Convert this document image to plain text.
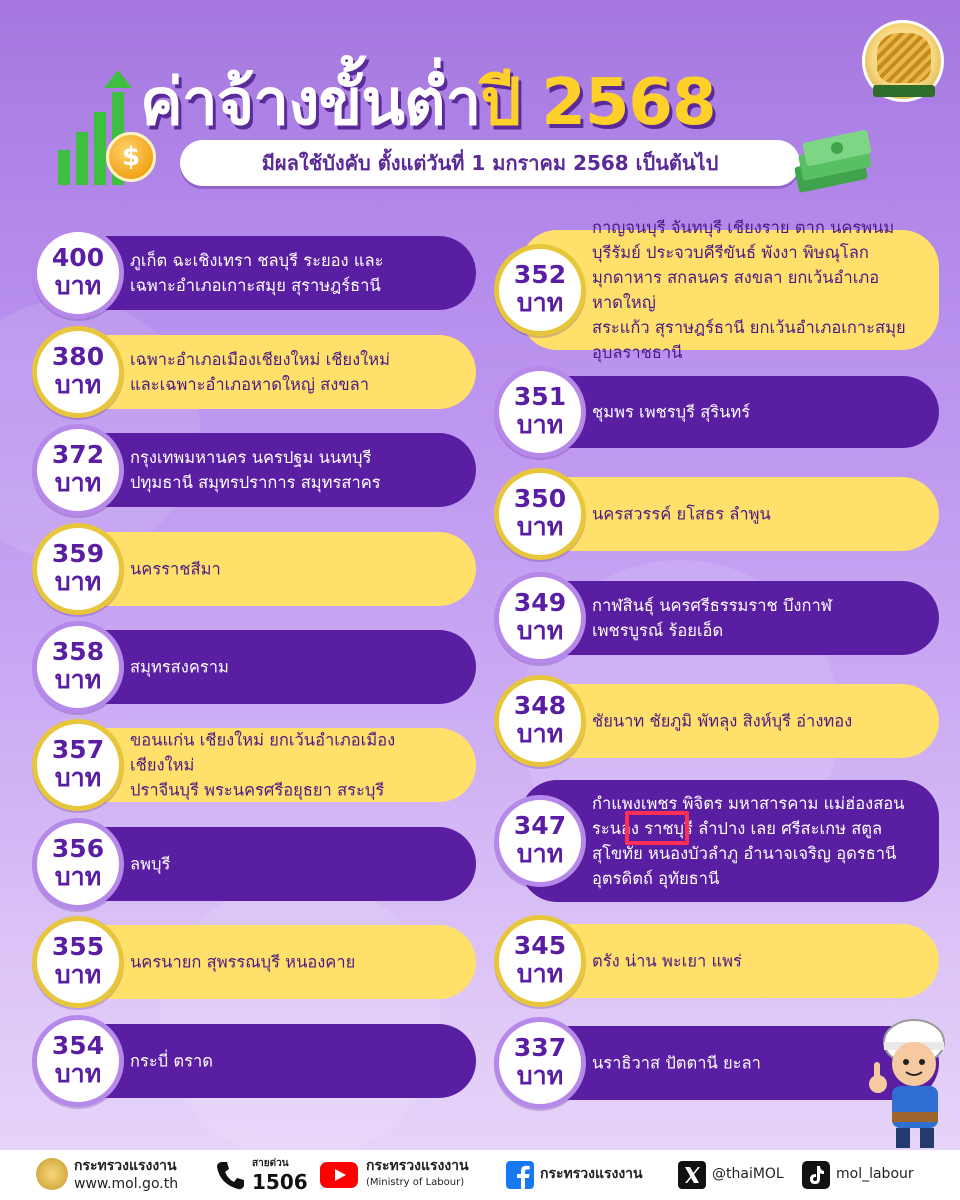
$
ค่าจ้างขั้นต่ำปี 2568
มีผลใช้บังคับ ตั้งแต่วันที่ 1 มกราคม 2568 เป็นต้นไป
400
บาท
ภูเก็ต ฉะเชิงเทรา ชลบุรี ระยอง และ
เฉพาะอำเภอเกาะสมุย สุราษฎร์ธานี
380
บาท
เฉพาะอำเภอเมืองเชียงใหม่ เชียงใหม่
และเฉพาะอำเภอหาดใหญ่ สงขลา
372
บาท
กรุงเทพมหานคร นครปฐม นนทบุรี
ปทุมธานี สมุทรปราการ สมุทรสาคร
359
บาท	นครราชสีมา
358
บาท	สมุทรสงคราม
357
บาท
ขอนแก่น เชียงใหม่ ยกเว้นอำเภอเมืองเชียงใหม่
ปราจีนบุรี พระนครศรีอยุธยา สระบุรี
356
บาท	ลพบุรี
355
บาท	นครนายก สุพรรณบุรี หนองคาย
354
บาท	กระบี่ ตราด
352
บาท
กาญจนบุรี จันทบุรี เชียงราย ตาก นครพนม
บุรีรัมย์ ประจวบคีรีขันธ์ พังงา พิษณุโลก
มุกดาหาร สกลนคร สงขลา ยกเว้นอำเภอหาดใหญ่
สระแก้ว สุราษฎร์ธานี ยกเว้นอำเภอเกาะสมุย
อุบลราชธานี
351
บาท	ชุมพร เพชรบุรี สุรินทร์
350
บาท	นครสวรรค์ ยโสธร ลำพูน
349
บาท
กาฬสินธุ์ นครศรีธรรมราช บึงกาฬ
เพชรบูรณ์ ร้อยเอ็ด
348
บาท	ชัยนาท ชัยภูมิ พัทลุง สิงห์บุรี อ่างทอง
347
บาท
กำแพงเพชร พิจิตร มหาสารคาม แม่ฮ่องสอน
ระนอง ราชบุรี ลำปาง เลย ศรีสะเกษ สตูล
สุโขทัย หนองบัวลำภู อำนาจเจริญ อุดรธานี
อุตรดิตถ์ อุทัยธานี
345
บาท	ตรัง น่าน พะเยา แพร่
337
บาท	นราธิวาส ปัตตานี ยะลา
กระทรวงแรงงาน
www.mol.go.th
สายด่วน
1506
กระทรวงแรงงาน
(Ministry of Labour)
กระทรวงแรงงาน	@thaiMOL	mol_labour
